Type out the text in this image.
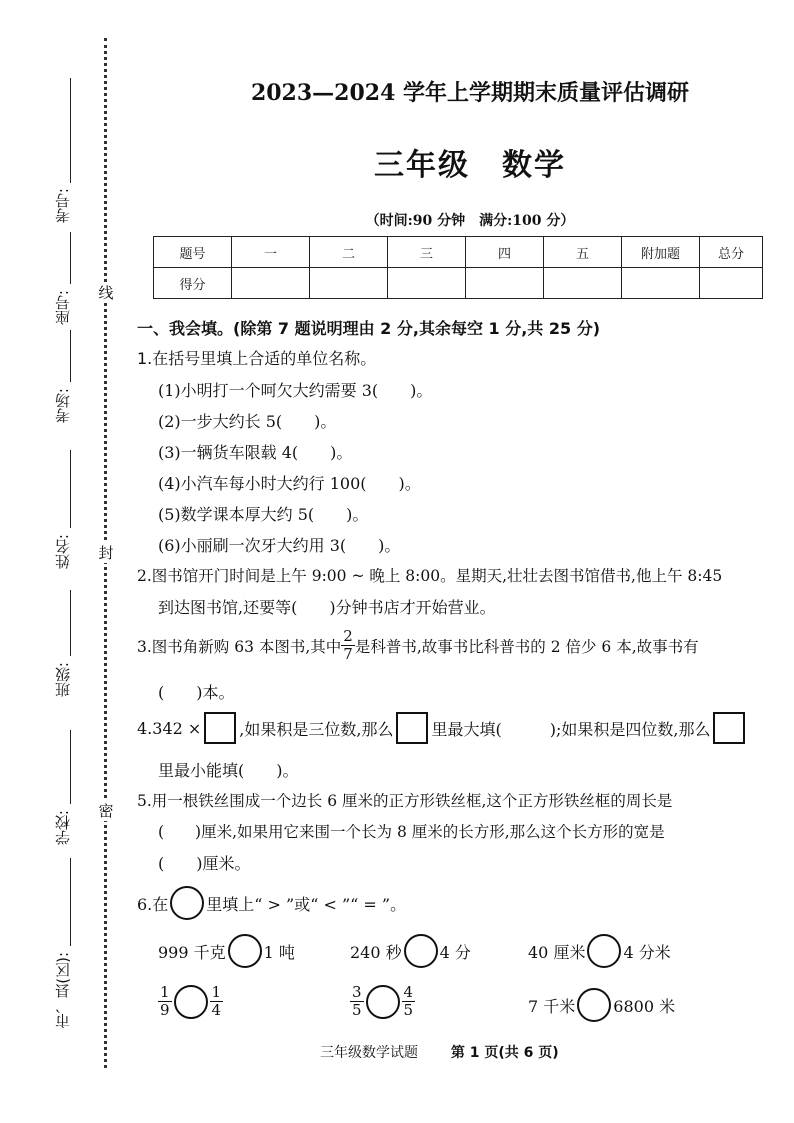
考号:
座号:
考场:
姓名:
班级:
学校:
市、县(区):
线
封
密
2023—2024 学年上学期期末质量评估调研
三年级　数学
（时间:90 分钟　满分:100 分）
题号	一	二	三	四	五	附加题	总分
得分							
一、我会填。(除第 7 题说明理由 2 分,其余每空 1 分,共 25 分)
1.在括号里填上合适的单位名称。
(1)小明打一个呵欠大约需要 3(　　)。
(2)一步大约长 5(　　)。
(3)一辆货车限载 4(　　)。
(4)小汽车每小时大约行 100(　　)。
(5)数学课本厚大约 5(　　)。
(6)小丽刷一次牙大约用 3(　　)。
2.图书馆开门时间是上午 9:00 ~ 晚上 8:00。星期天,壮壮去图书馆借书,他上午 8:45
到达图书馆,还要等(　　)分钟书店才开始营业。
3.图书角新购 63 本图书,其中 $\frac{2}{7}$ 是科普书,故事书比科普书的 2 倍少 6 本,故事书有
(　　)本。
4.342 × ,如果积是三位数,那么 里最大填(　　　);如果积是四位数,那么
里最小能填(　　)。
5.用一根铁丝围成一个边长 6 厘米的正方形铁丝框,这个正方形铁丝框的周长是
(　　)厘米,如果用它来围一个长为 8 厘米的长方形,那么这个长方形的宽是
(　　)厘米。
6.在 里填上“ > ”或“ < ”“ = ”。
999 千克 1 吨	240 秒 4 分	40 厘米 4 分米
$\frac{1}{9}$	$\frac{1}{4}$	$\frac{3}{5}$	$\frac{4}{5}$	7 千米 6800 米
三年级数学试题 第 1 页(共 6 页)
